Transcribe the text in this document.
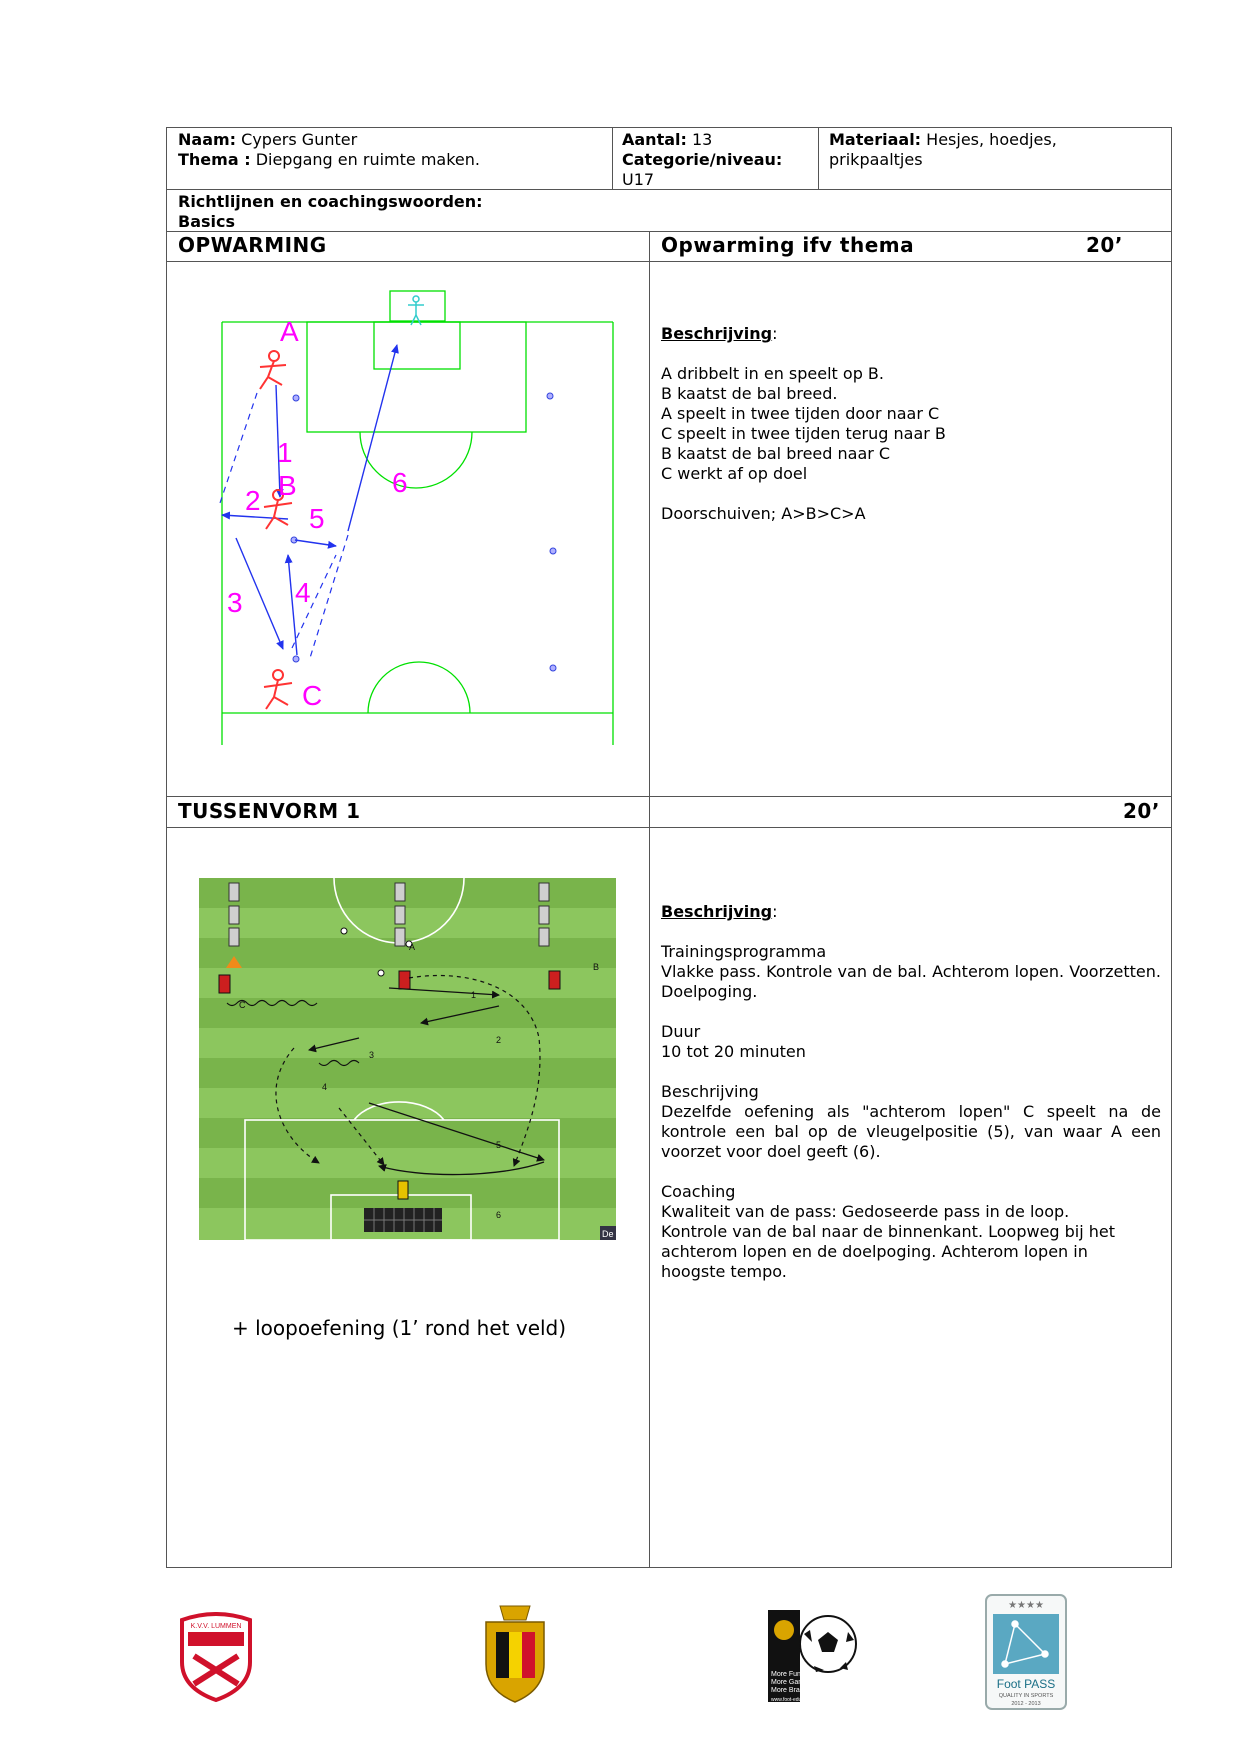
Naam: Cypers Gunter
Thema : Diepgang en ruimte maken.
Aantal: 13
Categorie/niveau:
U17
Materiaal: Hesjes, hoedjes,
prikpaaltjes
Richtlijnen en coachingswoorden:
Basics
OPWARMING	Opwarming ifv thema	20’
A
B
C
1
2
3 4
5
6

Beschrijving:

A dribbelt in en speelt op B.

B kaatst de bal breed.

A speelt in twee tijden door naar C

C speelt in twee tijden terug naar B

B kaatst de bal breed naar C

C werkt af op doel

Doorschuiven; A>B>C>A

TUSSENVORM 1	20’
A
B
C
1
2
3
4
5
6
De
+ loopoefening (1’ rond het veld)

Beschrijving:

Trainingsprogramma

Vlakke pass. Kontrole van de bal. Achterom lopen. Voorzetten. Doelpoging.

Duur

10 tot 20 minuten

Beschrijving

Dezelfde oefening als "achterom lopen" C speelt na de kontrole een bal op de vleugelpositie (5), van waar A een voorzet voor doel geeft (6).

Coaching

Kwaliteit van de pass: Gedoseerde pass in de loop.

Kontrole van de bal naar de binnenkant. Loopweg bij het

achterom lopen en de doelpoging. Achterom lopen in

hoogste tempo.

K.V.V. LUMMEN
More Fun
More Games
More Brains
www.foot-education.be
★★★★
Foot PASS
QUALITY IN SPORTS
2012 - 2013
